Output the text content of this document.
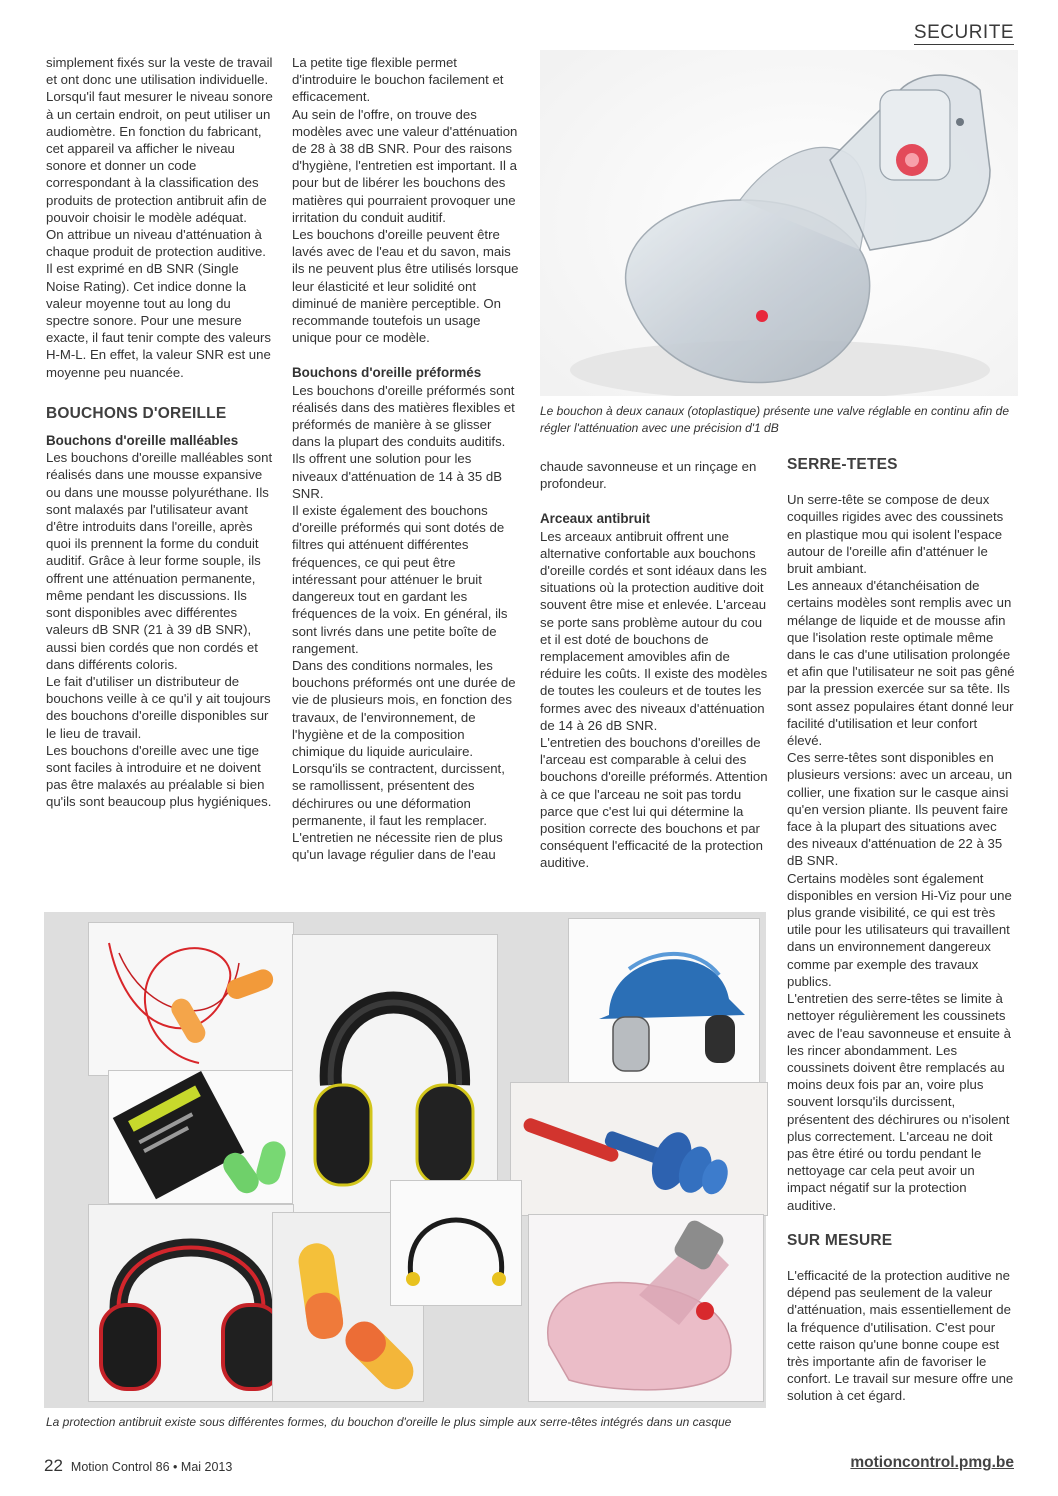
SECURITE

simplement fixés sur la veste de travail et ont donc une utilisation individuelle.

Lorsqu'il faut mesurer le niveau sonore à un certain endroit, on peut utiliser un audiomètre. En fonction du fabricant, cet appareil va afficher le niveau sonore et donner un code correspondant à la classification des produits de protection antibruit afin de pouvoir choisir le modèle adéquat.

On attribue un niveau d'atténuation à chaque produit de protection auditive. Il est exprimé en dB SNR (Single Noise Rating). Cet indice donne la valeur moyenne tout au long du spectre sonore. Pour une mesure exacte, il faut tenir compte des valeurs H-M-L. En effet, la valeur SNR est une moyenne peu nuancée.

BOUCHONS D'OREILLE
Bouchons d'oreille malléables

Les bouchons d'oreille malléables sont réalisés dans une mousse expansive ou dans une mousse polyuréthane. Ils sont malaxés par l'utilisateur avant d'être introduits dans l'oreille, après quoi ils prennent la forme du conduit auditif. Grâce à leur forme souple, ils offrent une atténuation permanente, même pendant les discussions. Ils sont disponibles avec différentes valeurs dB SNR (21 à 39 dB SNR), aussi bien cordés que non cordés et dans différents coloris.

Le fait d'utiliser un distributeur de bouchons veille à ce qu'il y ait toujours des bouchons d'oreille disponibles sur le lieu de travail.

Les bouchons d'oreille avec une tige sont faciles à introduire et ne doivent pas être malaxés au préalable si bien qu'ils sont beaucoup plus hygiéniques.

La petite tige flexible permet d'introduire le bouchon facilement et efficacement.

Au sein de l'offre, on trouve des modèles avec une valeur d'atténuation de 28 à 38 dB SNR. Pour des raisons d'hygiène, l'entretien est important. Il a pour but de libérer les bouchons des matières qui pourraient provoquer une irritation du conduit auditif.

Les bouchons d'oreille peuvent être lavés avec de l'eau et du savon, mais ils ne peuvent plus être utilisés lorsque leur élasticité et leur solidité ont diminué de manière perceptible. On recommande toutefois un usage unique pour ce modèle.

Bouchons d'oreille préformés

Les bouchons d'oreille préformés sont réalisés dans des matières flexibles et préformés de manière à se glisser dans la plupart des conduits auditifs. Ils offrent une solution pour les niveaux d'atténuation de 14 à 35 dB SNR.

Il existe également des bouchons d'oreille préformés qui sont dotés de filtres qui atténuent différentes fréquences, ce qui peut être intéressant pour atténuer le bruit dangereux tout en gardant les fréquences de la voix. En général, ils sont livrés dans une petite boîte de rangement.

Dans des conditions normales, les bouchons préformés ont une durée de vie de plusieurs mois, en fonction des travaux, de l'environnement, de l'hygiène et de la composition chimique du liquide auriculaire. Lorsqu'ils se contractent, durcissent, se ramollissent, présentent des déchirures ou une déformation permanente, il faut les remplacer.

L'entretien ne nécessite rien de plus qu'un lavage régulier dans de l'eau

chaude savonneuse et un rinçage en profondeur.

Arceaux antibruit

Les arceaux antibruit offrent une alternative confortable aux bouchons d'oreille cordés et sont idéaux dans les situations où la protection auditive doit souvent être mise et enlevée. L'arceau se porte sans problème autour du cou et il est doté de bouchons de remplacement amovibles afin de réduire les coûts. Il existe des modèles de toutes les couleurs et de toutes les formes avec des niveaux d'atténuation de 14 à 26 dB SNR.

L'entretien des bouchons d'oreilles de l'arceau est comparable à celui des bouchons d'oreille préformés. Attention à ce que l'arceau ne soit pas tordu parce que c'est lui qui détermine la position correcte des bouchons et par conséquent l'efficacité de la protection auditive.

SERRE-TETES

Un serre-tête se compose de deux coquilles rigides avec des coussinets en plastique mou qui isolent l'espace autour de l'oreille afin d'atténuer le bruit ambiant.

Les anneaux d'étanchéisation de certains modèles sont remplis avec un mélange de liquide et de mousse afin que l'isolation reste optimale même dans le cas d'une utilisation prolongée et afin que l'utilisateur ne soit pas gêné par la pression exercée sur sa tête. Ils sont assez populaires étant donné leur facilité d'utilisation et leur confort élevé.

Ces serre-têtes sont disponibles en plusieurs versions: avec un arceau, un collier, une fixation sur le casque ainsi qu'en version pliante. Ils peuvent faire face à la plupart des situations avec des niveaux d'atténuation de 22 à 35 dB SNR.

Certains modèles sont également disponibles en version Hi-Viz pour une plus grande visibilité, ce qui est très utile pour les utilisateurs qui travaillent dans un environnement dangereux comme par exemple des travaux publics.

L'entretien des serre-têtes se limite à nettoyer régulièrement les coussinets avec de l'eau savonneuse et ensuite à les rincer abondamment. Les coussinets doivent être remplacés au moins deux fois par an, voire plus souvent lorsqu'ils durcissent, présentent des déchirures ou n'isolent plus correctement. L'arceau ne doit pas être étiré ou tordu pendant le nettoyage car cela peut avoir un impact négatif sur la protection auditive.

SUR MESURE

L'efficacité de la protection auditive ne dépend pas seulement de la valeur d'atténuation, mais essentiellement de la fréquence d'utilisation. C'est pour cette raison qu'une bonne coupe est très importante afin de favoriser le confort. Le travail sur mesure offre une solution à cet égard.

Le bouchon à deux canaux (otoplastique) présente une valve réglable en continu afin de régler l'atténuation avec une précision d'1 dB
La protection antibruit existe sous différentes formes, du bouchon d'oreille le plus simple aux serre-têtes intégrés dans un casque
22 Motion Control 86 • Mai 2013	motioncontrol.pmg.be
